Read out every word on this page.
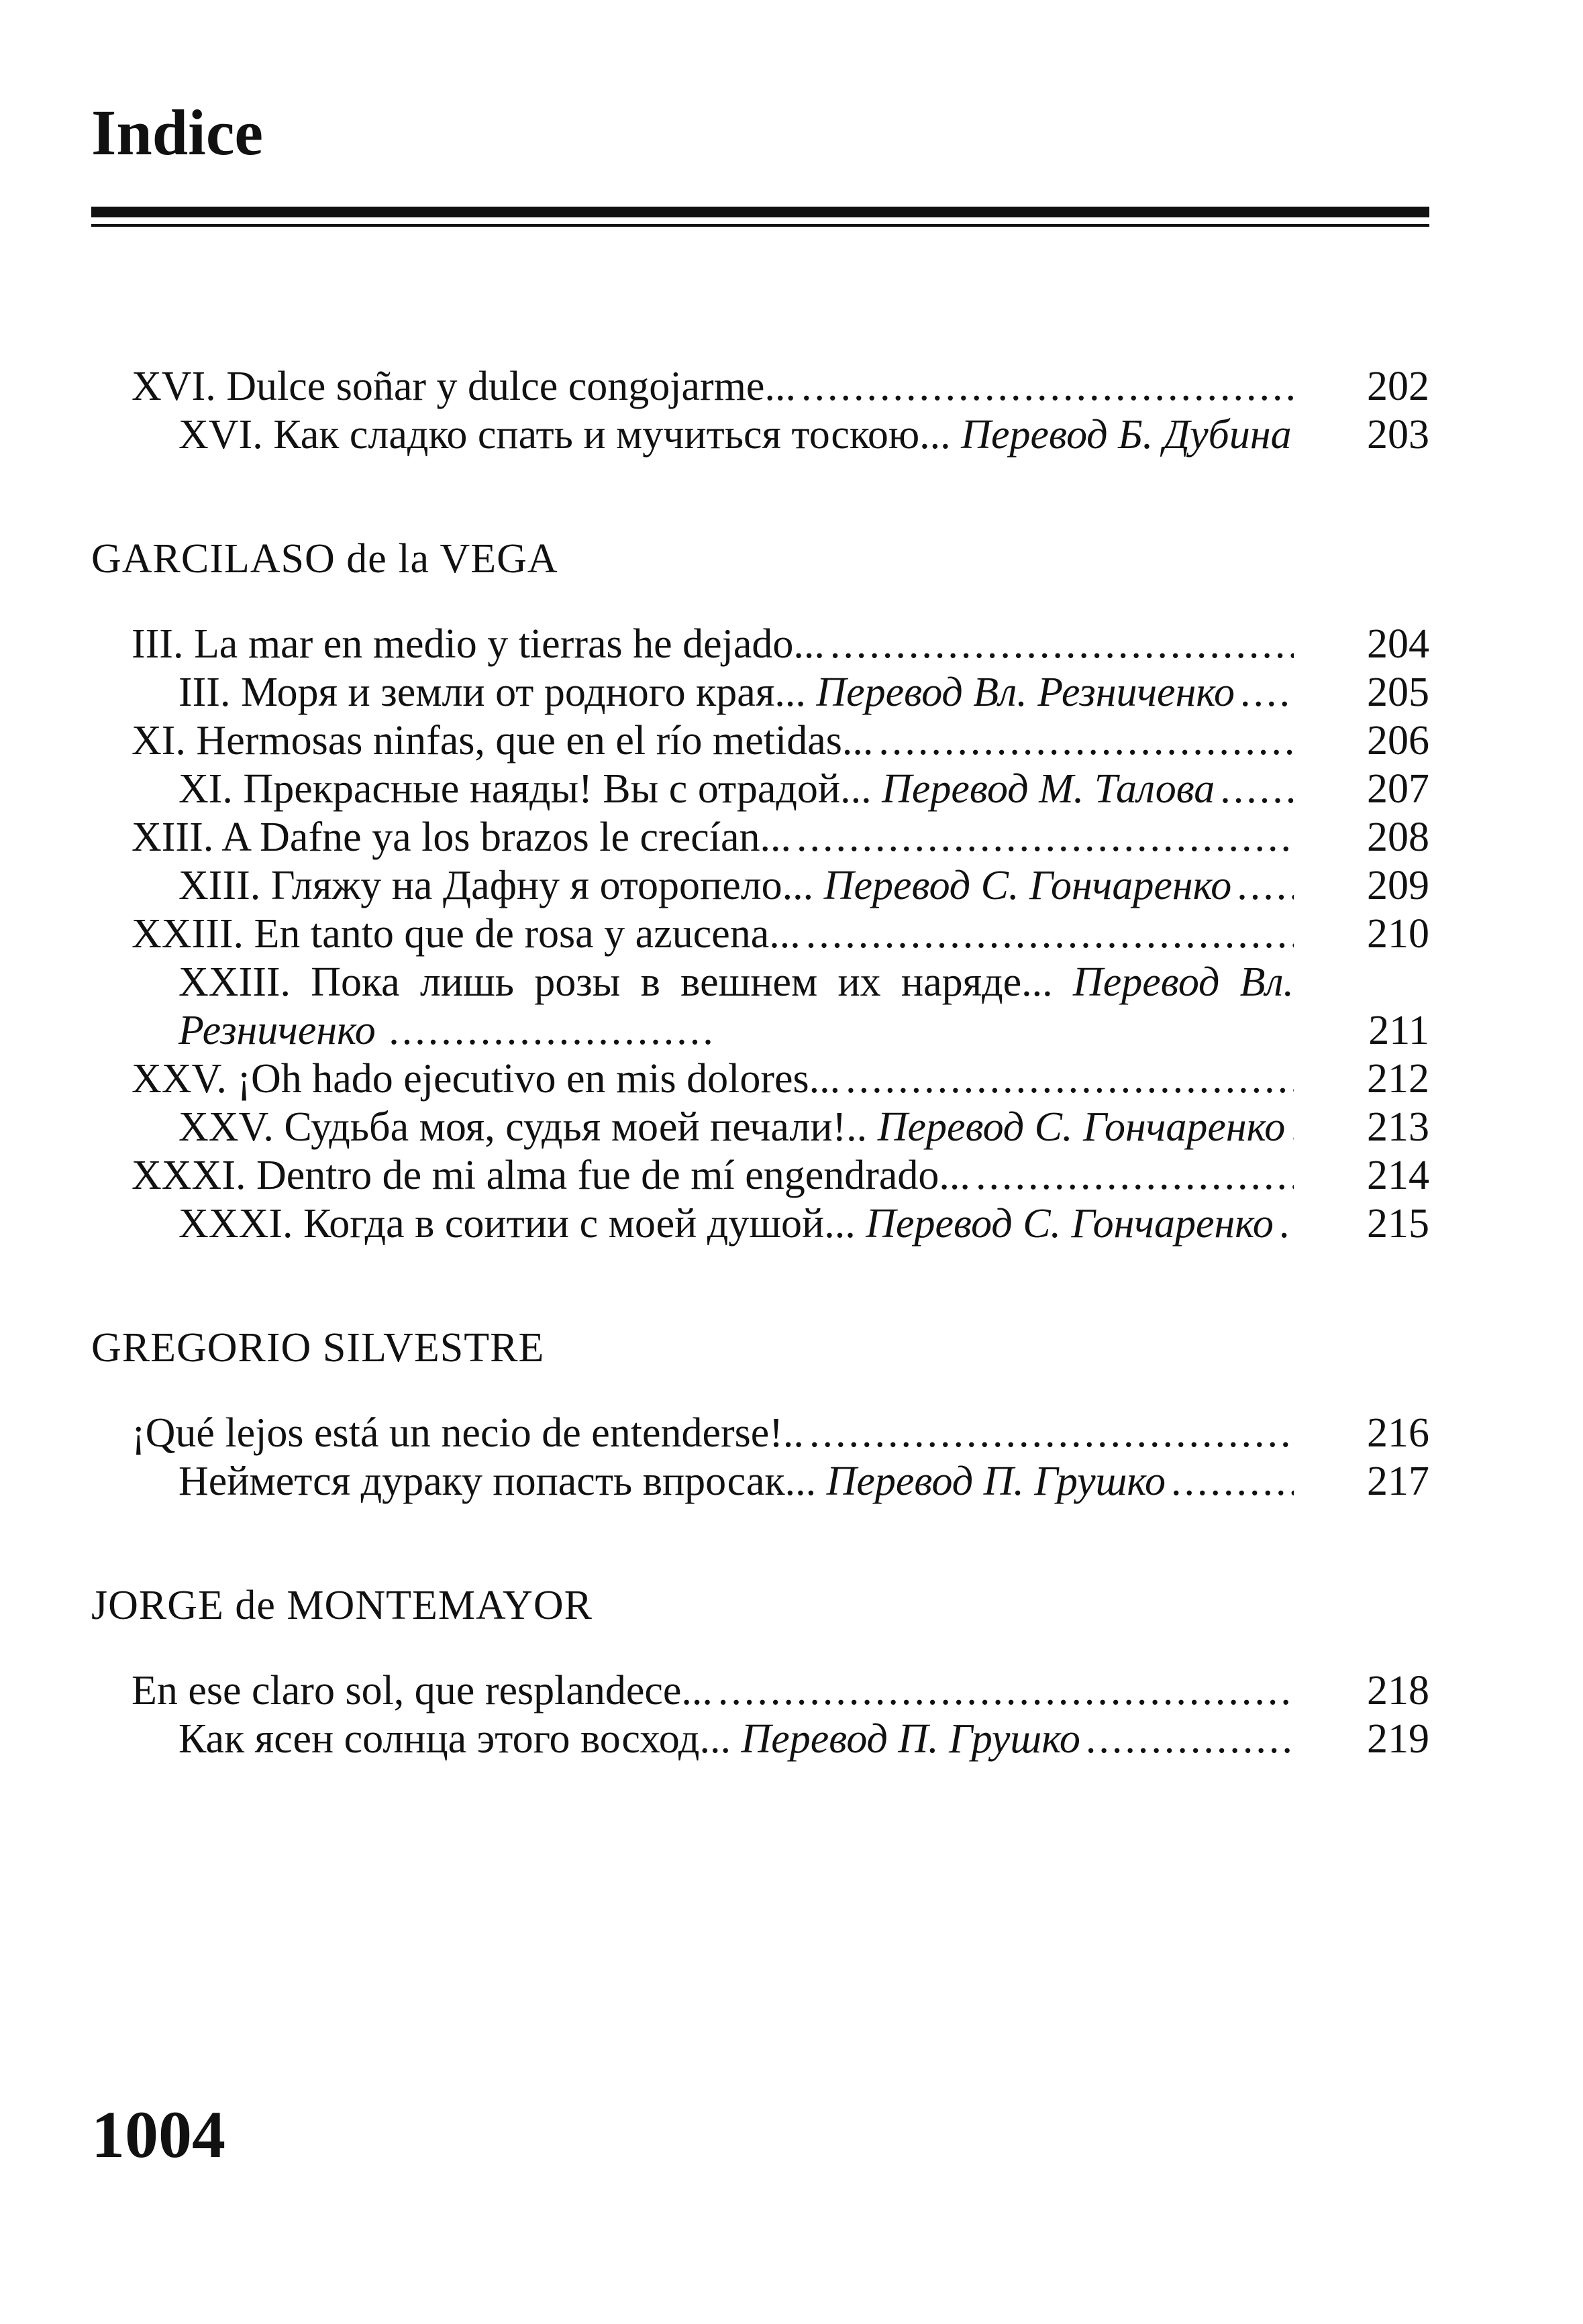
Indice
XVI. Dulce soñar y dulce congojarme... .....	202
XVI. Как сладко спать и мучиться тоскою... Перевод Б. Дубина	203
GARCILASO de la VEGA
III. La mar en medio y tierras he dejado... .....	204
III. Моря и земли от родного края... Перевод Вл. Резниченко .....	205
XI. Hermosas ninfas, que en el río metidas... .....	206
XI. Прекрасные наяды! Вы с отрадой... Перевод М. Талова .....	207
XIII. A Dafne ya los brazos le crecían... .....	208
XIII. Гляжу на Дафну я оторопело... Перевод С. Гончаренко .....	209
XXIII. En tanto que de rosa y azucena... .....	210
XXIII. Пока лишь розы в вешнем их наряде... Перевод Вл. Резниченко .........................	211
XXV. ¡Oh hado ejecutivo en mis dolores... .....	212
XXV. Судьба моя, судья моей печали!.. Перевод С. Гончаренко .....	213
XXXI. Dentro de mi alma fue de mí engendrado... .....	214
XXXI. Когда в соитии с моей душой... Перевод С. Гончаренко .....	215
GREGORIO SILVESTRE
¡Qué lejos está un necio de entenderse!.. .....	216
Неймется дураку попасть впросак... Перевод П. Грушко .....	217
JORGE de MONTEMAYOR
En ese claro sol, que resplandece... .....	218
Как ясен солнца этого восход... Перевод П. Грушко .....	219
1004
